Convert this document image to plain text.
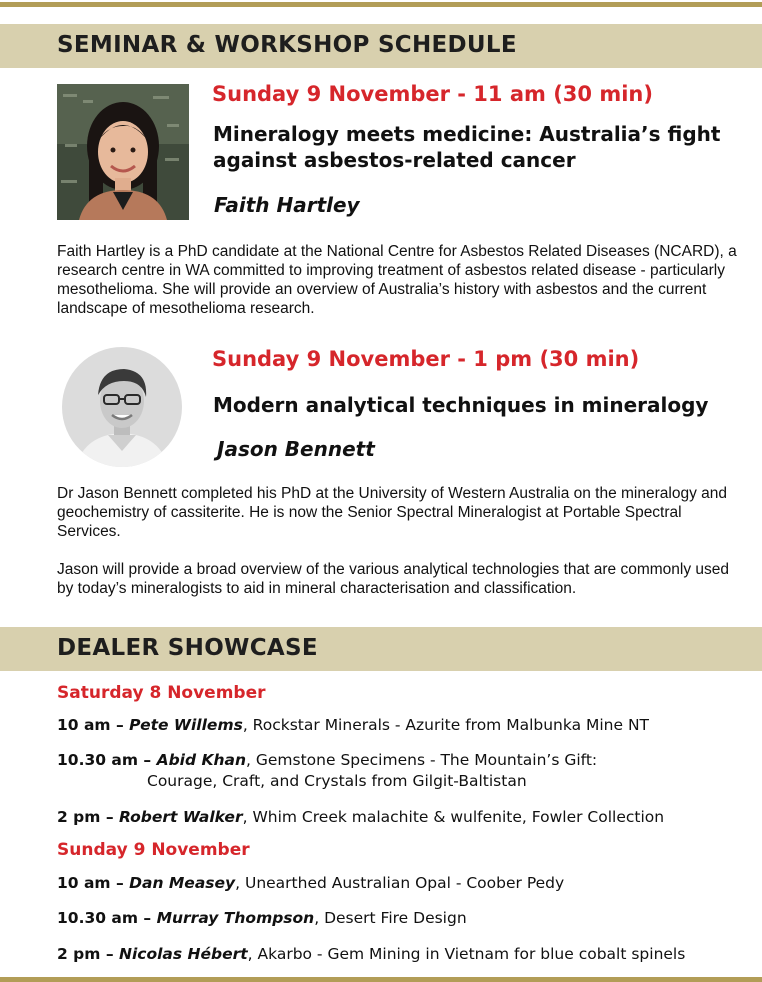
SEMINAR & WORKSHOP SCHEDULE
Sunday 9 November - 11 am (30 min)
Mineralogy meets medicine: Australia’s fight against asbestos-related cancer
Faith Hartley

Faith Hartley is a PhD candidate at the National Centre for Asbestos Related Diseases (NCARD), a research centre in WA committed to improving treatment of asbestos related disease - particularly mesothelioma. She will provide an overview of Australia’s history with asbestos and the current landscape of mesothelioma research.

Sunday 9 November - 1 pm (30 min)
Modern analytical techniques in mineralogy
Jason Bennett

Dr Jason Bennett completed his PhD at the University of Western Australia on the mineralogy and geochemistry of cassiterite. He is now the Senior Spectral Mineralogist at Portable Spectral Services.

Jason will provide a broad overview of the various analytical technologies that are commonly used by today’s mineralogists to aid in mineral characterisation and classification.

DEALER SHOWCASE
Saturday 8 November
10 am – Pete Willems, Rockstar Minerals - Azurite from Malbunka Mine NT
10.30 am – Abid Khan, Gemstone Specimens - The Mountain’s Gift:
Courage, Craft, and Crystals from Gilgit-Baltistan
2 pm – Robert Walker, Whim Creek malachite & wulfenite, Fowler Collection
Sunday 9 November
10 am – Dan Measey, Unearthed Australian Opal - Coober Pedy
10.30 am – Murray Thompson, Desert Fire Design
2 pm – Nicolas Hébert, Akarbo - Gem Mining in Vietnam for blue cobalt spinels
